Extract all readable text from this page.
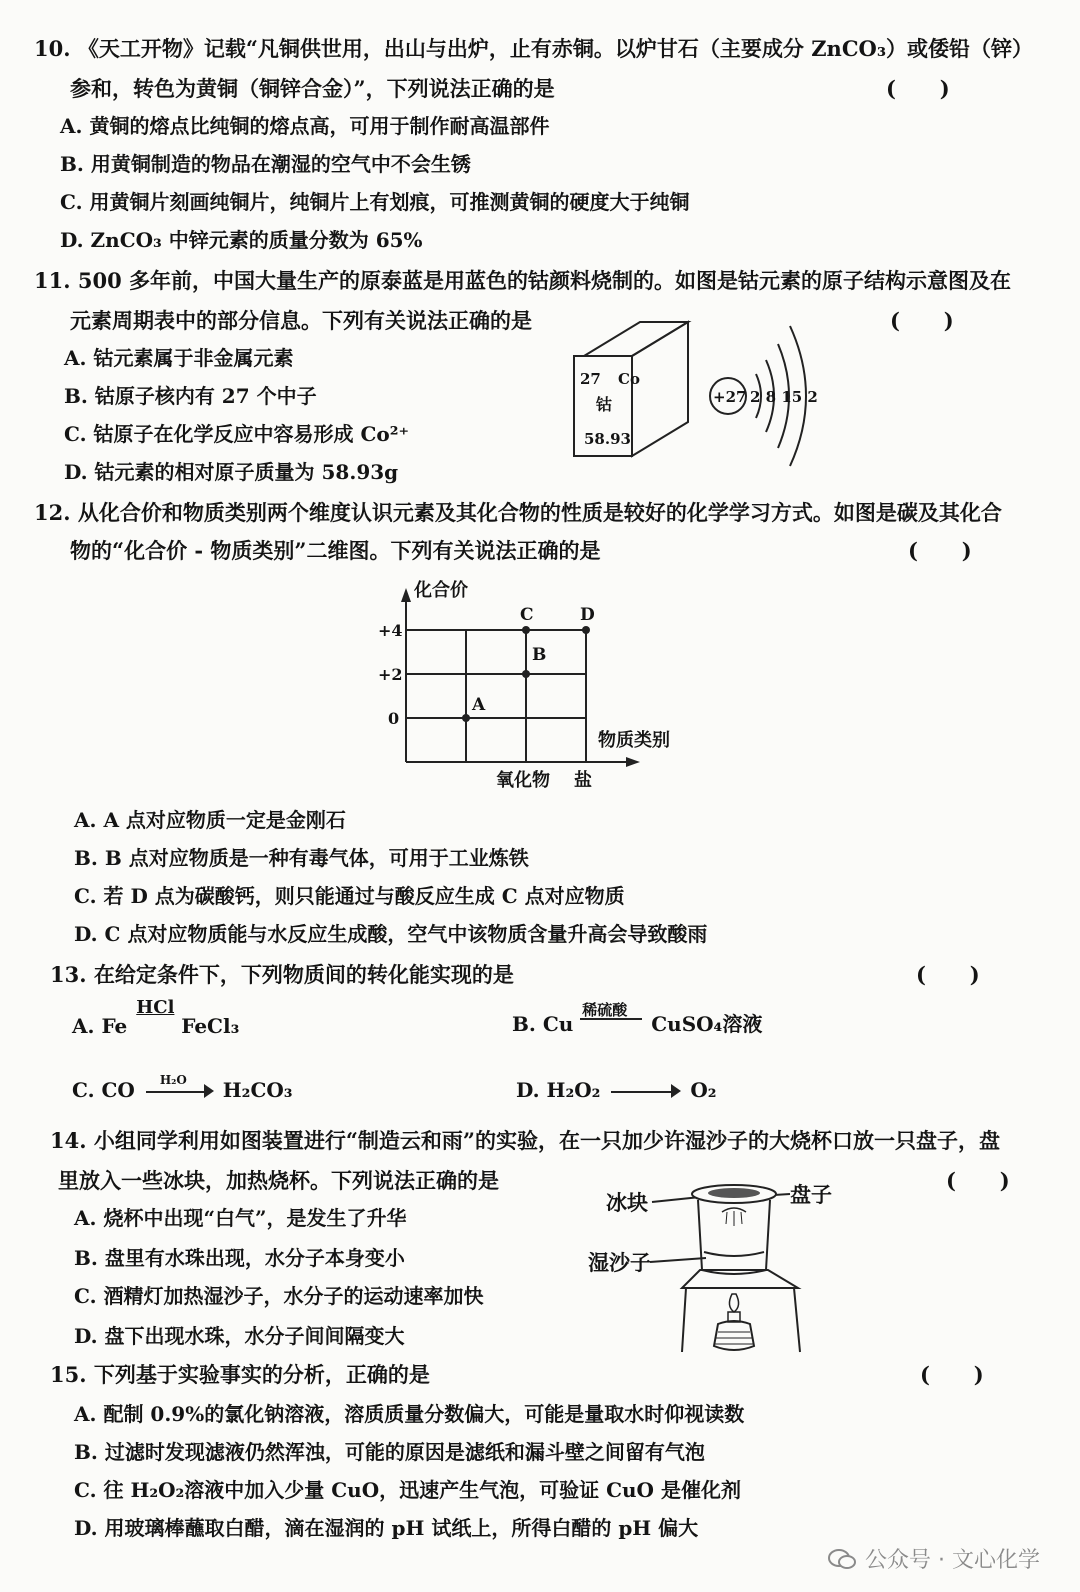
10. 《天工开物》记载“凡铜供世用，出山与出炉，止有赤铜。以炉甘石（主要成分 ZnCO₃）或倭铅（锌）
参和，转色为黄铜（铜锌合金）”，下列说法正确的是	(      )
A. 黄铜的熔点比纯铜的熔点高，可用于制作耐高温部件
B. 用黄铜制造的物品在潮湿的空气中不会生锈
C. 用黄铜片刻画纯铜片，纯铜片上有划痕，可推测黄铜的硬度大于纯铜
D. ZnCO₃ 中锌元素的质量分数为 65%
11. 500 多年前，中国大量生产的原泰蓝是用蓝色的钴颜料烧制的。如图是钴元素的原子结构示意图及在
元素周期表中的部分信息。下列有关说法正确的是	(      )
A. 钴元素属于非金属元素
B. 钴原子核内有 27 个中子
C. 钴原子在化学反应中容易形成 Co²⁺
D. 钴元素的相对原子质量为 58.93g
27 Co
钴
58.93
+27 2 8 15 2
12. 从化合价和物质类别两个维度认识元素及其化合物的性质是较好的化学学习方式。如图是碳及其化合
物的“化合价 - 物质类别”二维图。下列有关说法正确的是	(      )
化合价
物质类别
+4
+2
0
氧化物 盐
A
B
C	D
A. A 点对应物质一定是金刚石
B. B 点对应物质是一种有毒气体，可用于工业炼铁
C. 若 D 点为碳酸钙，则只能通过与酸反应生成 C 点对应物质
D. C 点对应物质能与水反应生成酸，空气中该物质含量升高会导致酸雨
13. 在给定条件下，下列物质间的转化能实现的是	(      )
A. Fe
HCl
FeCl₃	B. Cu
稀硫酸
CuSO₄溶液
C. CO H₂O H₂CO₃	D. H₂O₂	O₂
14. 小组同学利用如图装置进行“制造云和雨”的实验，在一只加少许湿沙子的大烧杯口放一只盘子，盘
里放入一些冰块，加热烧杯。下列说法正确的是	(      )
A. 烧杯中出现“白气”，是发生了升华
B. 盘里有水珠出现，水分子本身变小
C. 酒精灯加热湿沙子，水分子的运动速率加快
D. 盘下出现水珠，水分子间间隔变大
冰块	盘子
湿沙子
15. 下列基于实验事实的分析，正确的是	(      )
A. 配制 0.9%的氯化钠溶液，溶质质量分数偏大，可能是量取水时仰视读数
B. 过滤时发现滤液仍然浑浊，可能的原因是滤纸和漏斗壁之间留有气泡
C. 往 H₂O₂溶液中加入少量 CuO，迅速产生气泡，可验证 CuO 是催化剂
D. 用玻璃棒蘸取白醋，滴在湿润的 pH 试纸上，所得白醋的 pH 偏大
公众号 · 文心化学
